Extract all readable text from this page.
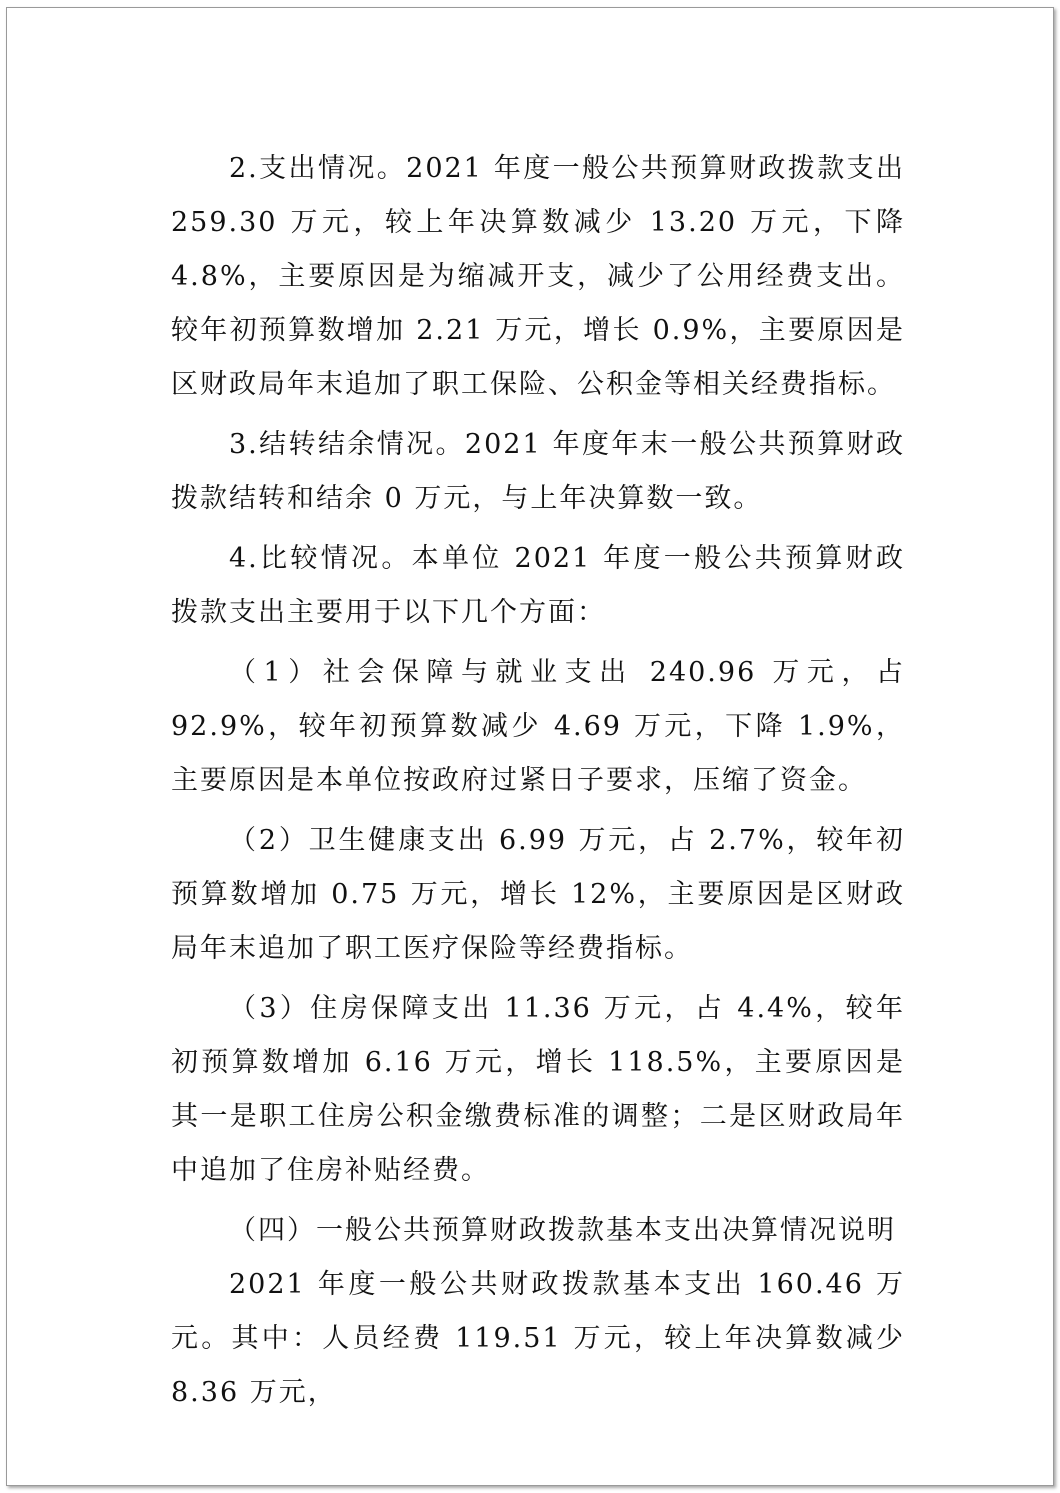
2.支出情况。2021 年度一般公共预算财政拨款支出 259.30 万元，较上年决算数减少 13.20 万元，下降 4.8%，主要原因是为缩减开支，减少了公用经费支出。较年初预算数增加 2.21 万元，增长 0.9%，主要原因是区财政局年末追加了职工保险、公积金等相关经费指标。

3.结转结余情况。2021 年度年末一般公共预算财政拨款结转和结余 0 万元，与上年决算数一致。

4.比较情况。本单位 2021 年度一般公共预算财政拨款支出主要用于以下几个方面：

（1）社会保障与就业支出 240.96 万元，占 92.9%，较年初预算数减少 4.69 万元，下降 1.9%，主要原因是本单位按政府过紧日子要求，压缩了资金。

（2）卫生健康支出 6.99 万元，占 2.7%，较年初预算数增加 0.75 万元，增长 12%，主要原因是区财政局年末追加了职工医疗保险等经费指标。

（3）住房保障支出 11.36 万元，占 4.4%，较年初预算数增加 6.16 万元，增长 118.5%，主要原因是其一是职工住房公积金缴费标准的调整；二是区财政局年中追加了住房补贴经费。

（四）一般公共预算财政拨款基本支出决算情况说明

2021 年度一般公共财政拨款基本支出 160.46 万元。其中：人员经费 119.51 万元，较上年决算数减少 8.36 万元，
